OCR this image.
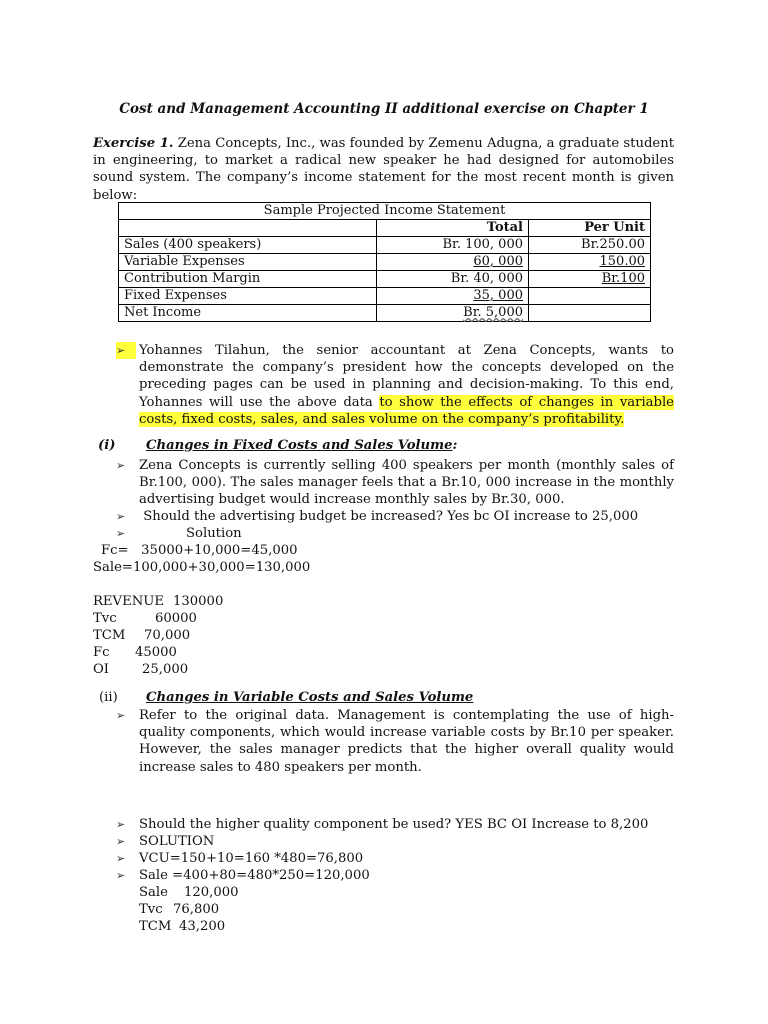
Cost and Management Accounting II additional exercise on Chapter 1
Exercise 1. Zena Concepts, Inc., was founded by Zemenu Adugna, a graduate student in engineering, to market a radical new speaker he had designed for automobiles sound system. The company’s income statement for the most recent month is given below:
Sample Projected Income Statement		
	Total	Per Unit
Sales (400 speakers)	Br. 100, 000	Br.250.00
Variable Expenses	60, 000	150.00
Contribution Margin	Br. 40, 000	Br.100
Fixed Expenses	35, 000	
Net Income	Br. 5,000	
➢	Yohannes Tilahun, the senior accountant at Zena Concepts, wants to demonstrate the company’s president how the concepts developed on the preceding pages can be used in planning and decision-making. To this end, Yohannes will use the above data to show the effects of changes in variable costs, fixed costs, sales, and sales volume on the company’s profitability.
(i) Changes in Fixed Costs and Sales Volume:
➢	Zena Concepts is currently selling 400 speakers per month (monthly sales of Br.100, 000). The sales manager feels that a Br.10, 000 increase in the monthly advertising budget would increase monthly sales by Br.30, 000.
➢	Should the advertising budget be increased? Yes bc OI increase to 25,000
➢	Solution
Fc=   35000+10,000=45,000
Sale=100,000+30,000=130,000
REVENUE 130000
Tvc	60000
TCM 70,000
Fc 45000
OI 25,000
(ii) Changes in Variable Costs and Sales Volume
➢	Refer to the original data. Management is contemplating the use of high- quality components, which would increase variable costs by Br.10 per speaker. However, the sales manager predicts that the higher overall quality would increase sales to 480 speakers per month.
➢	Should the higher quality component be used? YES BC OI Increase to 8,200
➢	SOLUTION
➢	VCU=150+10=160 *480=76,800
➢	Sale =400+80=480*250=120,000
Sale 120,000
Tvc 76,800
TCM 43,200
